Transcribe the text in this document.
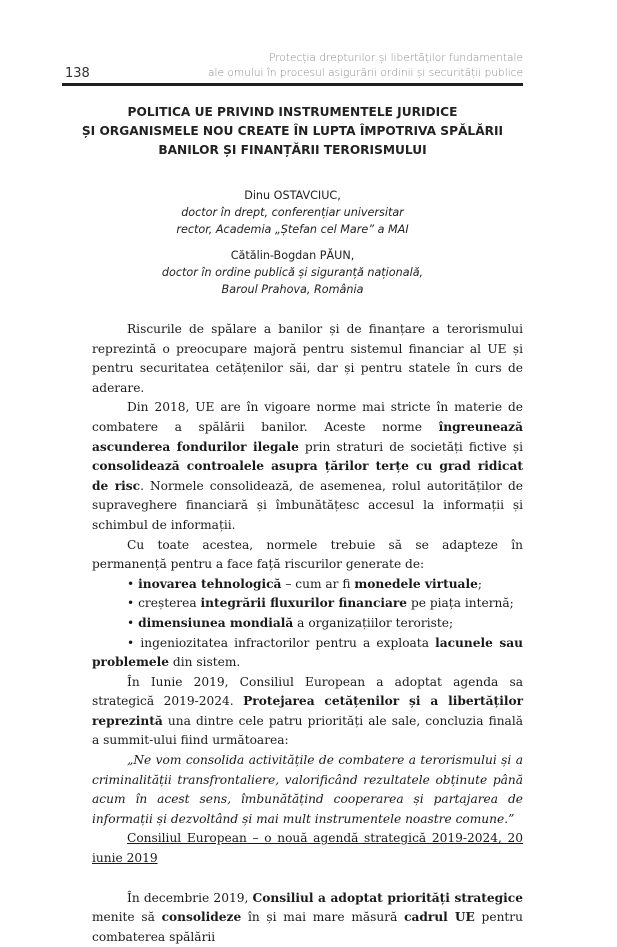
138
Protecția drepturilor și libertăților fundamentale
ale omului în procesul asigurării ordinii și securității publice
POLITICA UE PRIVIND INSTRUMENTELE JURIDICE
ȘI ORGANISMELE NOU CREATE ÎN LUPTA ÎMPOTRIVA SPĂLĂRII
BANILOR ȘI FINANȚĂRII TERORISMULUI
Dinu OSTAVCIUC,
doctor în drept, conferențiar universitar
rector, Academia „Ștefan cel Mare” a MAI
Cătălin-Bogdan PĂUN,
doctor în ordine publică și siguranță națională,
Baroul Prahova, România

Riscurile de spălare a banilor și de finanțare a terorismului reprezintă o preocupare majoră pentru sistemul financiar al UE și pentru securitatea cetățenilor săi, dar și pentru statele în curs de aderare.

Din 2018, UE are în vigoare norme mai stricte în materie de combatere a spălării banilor. Aceste norme îngreunează ascunderea fondurilor ilegale prin straturi de societăți fictive și consolidează controalele asupra țărilor terțe cu grad ridicat de risc. Normele consolidează, de asemenea, rolul autorităților de supraveghere financiară și îmbunătățesc accesul la informații și schimbul de informații.

Cu toate acestea, normele trebuie să se adapteze în permanență pentru a face față riscurilor generate de:

• inovarea tehnologică – cum ar fi monedele virtuale;

• creșterea integrării fluxurilor financiare pe piața internă;

• dimensiunea mondială a organizațiilor teroriste;

• ingeniozitatea infractorilor pentru a exploata lacunele sau problemele din sistem.

În Iunie 2019, Consiliul European a adoptat agenda sa strategică 2019-2024. Protejarea cetățenilor și a libertăților reprezintă una dintre cele patru priorități ale sale, concluzia finală a summit-ului fiind următoarea:

„Ne vom consolida activitățile de combatere a terorismului și a criminalității transfrontaliere, valorificând rezultatele obținute până acum în acest sens, îmbunătățind cooperarea și partajarea de informații și dezvoltând și mai mult instrumentele noastre comune.”

Consiliul European – o nouă agendă strategică 2019-2024, 20 iunie 2019

În decembrie 2019, Consiliul a adoptat priorități strategice menite să consolideze în și mai mare măsură cadrul UE pentru combaterea spălării
